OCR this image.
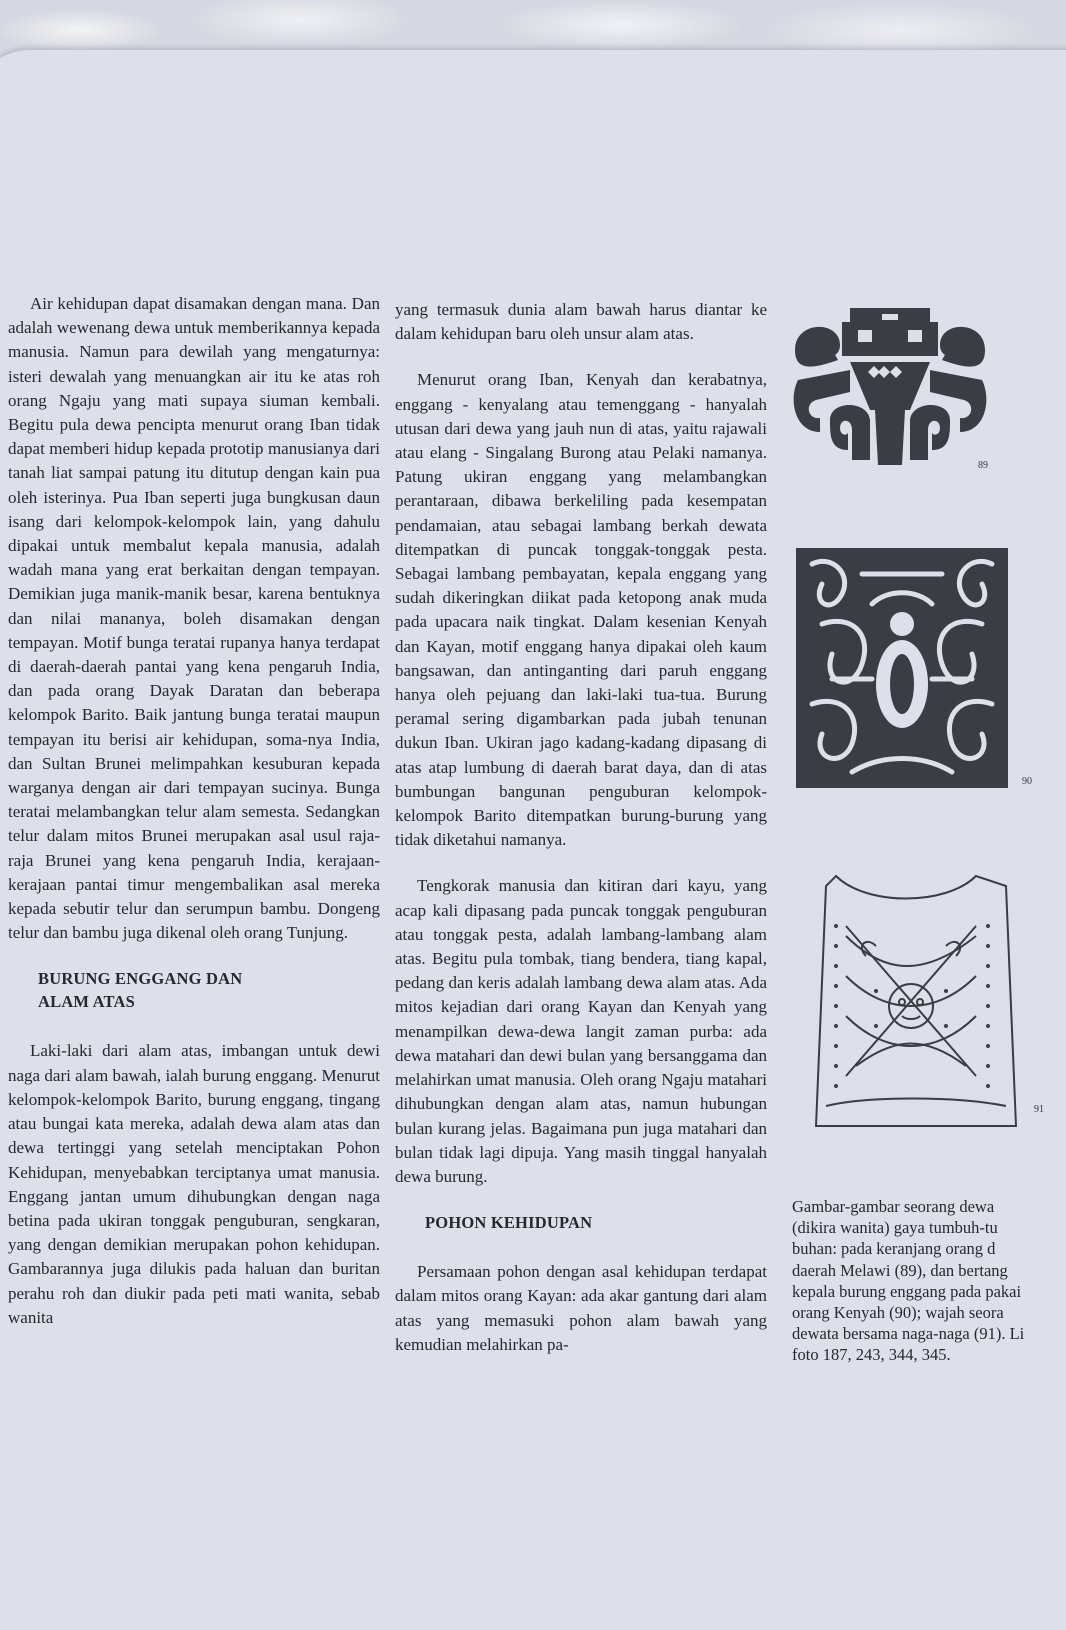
Air kehidupan dapat disamakan dengan mana. Dan adalah wewenang dewa untuk memberikannya kepada manusia. Namun para dewilah yang mengaturnya: isteri dewalah yang menuangkan air itu ke atas roh orang Ngaju yang mati supaya siuman kembali. Begitu pula dewa pencipta menurut orang Iban tidak dapat memberi hidup kepada prototip manusianya dari tanah liat sampai patung itu ditutup dengan kain pua oleh isterinya. Pua Iban seperti juga bungkusan daun isang dari kelompok-kelompok lain, yang dahulu dipakai untuk membalut kepala manusia, adalah wadah mana yang erat berkaitan dengan tempayan. Demikian juga manik-manik besar, karena bentuknya dan nilai mananya, boleh disamakan dengan tempayan. Motif bunga teratai rupanya hanya terdapat di daerah-daerah pantai yang kena pengaruh India, dan pada orang Dayak Daratan dan beberapa kelompok Barito. Baik jantung bunga teratai maupun tempayan itu berisi air kehidupan, soma-nya India, dan Sultan Brunei melimpahkan kesuburan kepada warganya dengan air dari tempayan sucinya. Bunga teratai melambangkan telur alam semesta. Sedangkan telur dalam mitos Brunei merupakan asal usul raja-raja Brunei yang kena pengaruh India, kerajaan-kerajaan pantai timur mengembalikan asal mereka kepada sebutir telur dan serumpun bambu. Dongeng telur dan bambu juga dikenal oleh orang Tunjung.

BURUNG ENGGANG DAN
ALAM ATAS

Laki-laki dari alam atas, imbangan untuk dewi naga dari alam bawah, ialah burung enggang. Menurut kelompok-kelompok Barito, burung enggang, tingang atau bungai kata mereka, adalah dewa alam atas dan dewa tertinggi yang setelah menciptakan Pohon Kehidupan, menyebabkan terciptanya umat manusia. Enggang jantan umum dihubungkan dengan naga betina pada ukiran tonggak penguburan, sengkaran, yang dengan demikian merupakan pohon kehidupan. Gambarannya juga dilukis pada haluan dan buritan perahu roh dan diukir pada peti mati wanita, sebab wanita

yang termasuk dunia alam bawah harus diantar ke dalam kehidupan baru oleh unsur alam atas.

Menurut orang Iban, Kenyah dan kerabatnya, enggang - kenyalang atau temenggang - hanyalah utusan dari dewa yang jauh nun di atas, yaitu rajawali atau elang - Singalang Burong atau Pelaki namanya. Patung ukiran enggang yang melambangkan perantaraan, dibawa berkeliling pada kesempatan pendamaian, atau sebagai lambang berkah dewata ditempatkan di puncak tonggak-tonggak pesta. Sebagai lambang pembayatan, kepala enggang yang sudah dikeringkan diikat pada ketopong anak muda pada upacara naik tingkat. Dalam kesenian Kenyah dan Kayan, motif enggang hanya dipakai oleh kaum bangsawan, dan antinganting dari paruh enggang hanya oleh pejuang dan laki-laki tua-tua. Burung peramal sering digambarkan pada jubah tenunan dukun Iban. Ukiran jago kadang-kadang dipasang di atas atap lumbung di daerah barat daya, dan di atas bumbungan bangunan penguburan kelompok-kelompok Barito ditempatkan burung-burung yang tidak diketahui namanya.

Tengkorak manusia dan kitiran dari kayu, yang acap kali dipasang pada puncak tonggak penguburan atau tonggak pesta, adalah lambang-lambang alam atas. Begitu pula tombak, tiang bendera, tiang kapal, pedang dan keris adalah lambang dewa alam atas. Ada mitos kejadian dari orang Kayan dan Kenyah yang menampilkan dewa-dewa langit zaman purba: ada dewa matahari dan dewi bulan yang bersanggama dan melahirkan umat manusia. Oleh orang Ngaju matahari dihubungkan dengan alam atas, namun hubungan bulan kurang jelas. Bagaimana pun juga matahari dan bulan tidak lagi dipuja. Yang masih tinggal hanyalah dewa burung.

POHON KEHIDUPAN

Persamaan pohon dengan asal kehidupan terdapat dalam mitos orang Kayan: ada akar gantung dari alam atas yang memasuki pohon alam bawah yang kemudian melahirkan pa-

89
90
91
Gambar-gambar seorang dewa
(dikira wanita) gaya tumbuh-tu
buhan: pada keranjang orang d
daerah Melawi (89), dan bertang
kepala burung enggang pada pakai
orang Kenyah (90); wajah seora
dewata bersama naga-naga (91). Li
foto 187, 243, 344, 345.
